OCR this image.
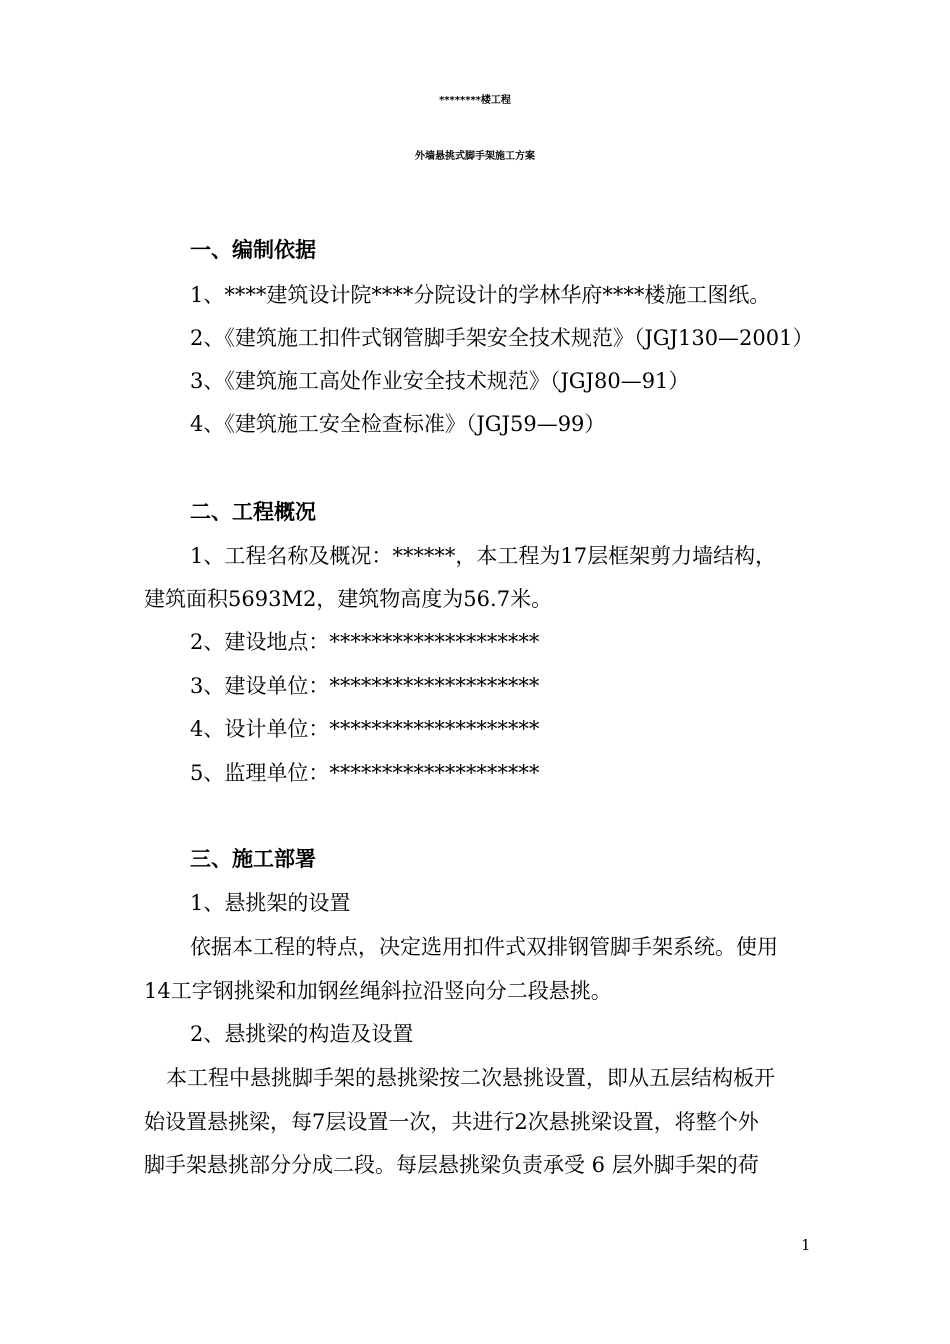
********楼工程
外墙悬挑式脚手架施工方案
一、编制依据
1、****建筑设计院****分院设计的学林华府****楼施工图纸。
2、《建筑施工扣件式钢管脚手架安全技术规范》（JGJ130—2001）
3、《建筑施工高处作业安全技术规范》（JGJ80—91）
4、《建筑施工安全检查标准》（JGJ59—99）
二、工程概况
1、工程名称及概况：******，本工程为17层框架剪力墙结构，
建筑面积5693M2，建筑物高度为56.7米。
2、建设地点：********************
3、建设单位：********************
4、设计单位：********************
5、监理单位：********************
三、施工部署
1、悬挑架的设置
依据本工程的特点，决定选用扣件式双排钢管脚手架系统。使用
14工字钢挑梁和加钢丝绳斜拉沿竖向分二段悬挑。
2、悬挑梁的构造及设置
本工程中悬挑脚手架的悬挑梁按二次悬挑设置，即从五层结构板开
始设置悬挑梁，每7层设置一次，共进行2次悬挑梁设置，将整个外
脚手架悬挑部分分成二段。每层悬挑梁负责承受 6 层外脚手架的荷
1
